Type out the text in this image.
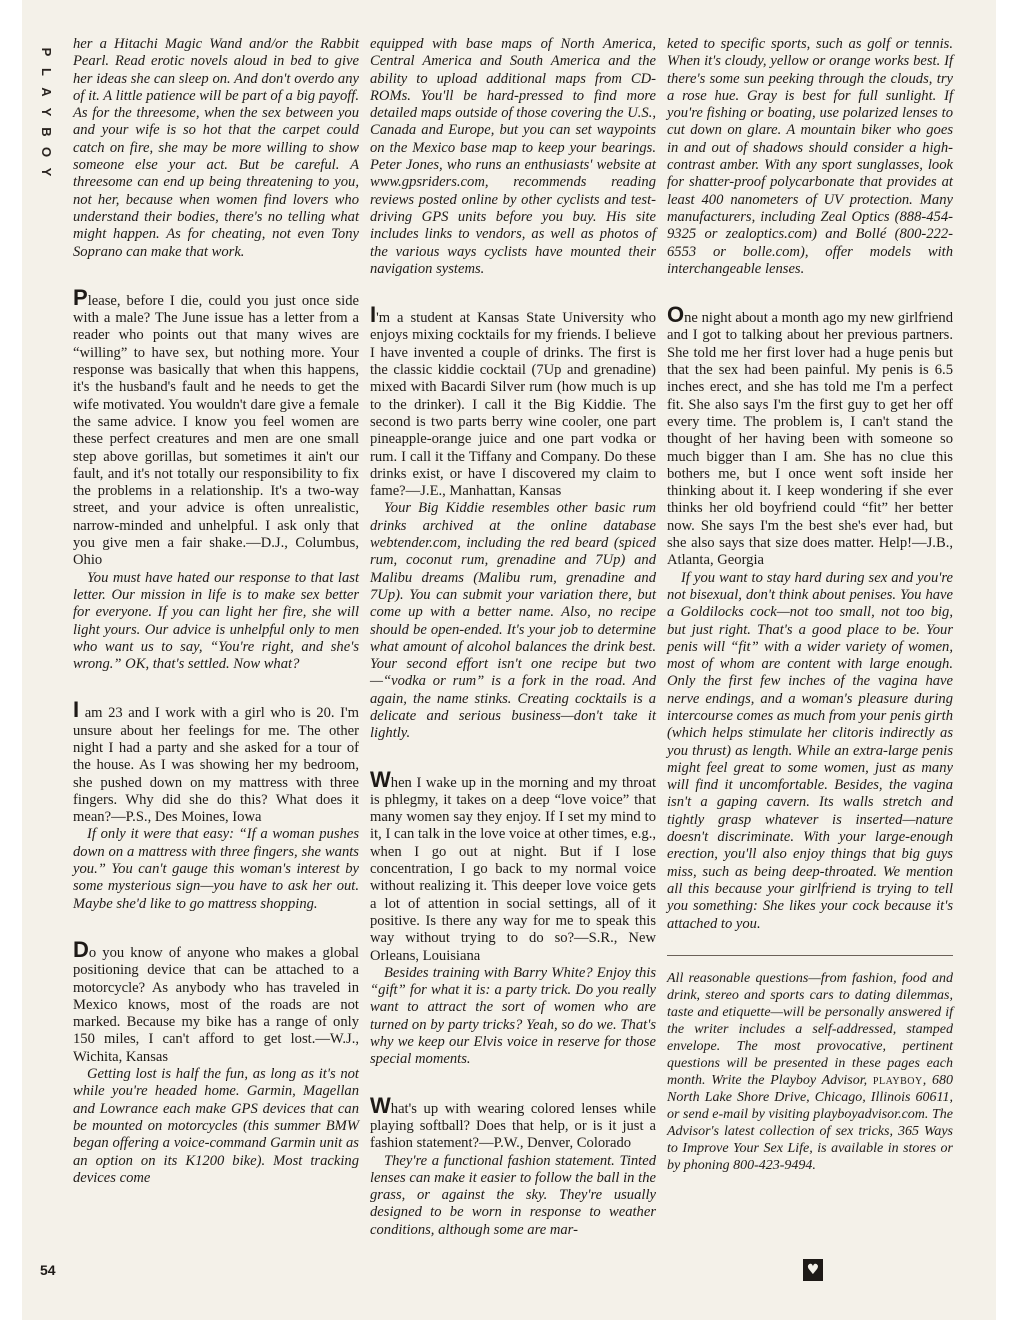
P
L
A
Y
B
O
Y

her a Hitachi Magic Wand and/or the Rabbit Pearl. Read erotic novels aloud in bed to give her ideas she can sleep on. And don't overdo any of it. A little patience will be part of a big payoff. As for the threesome, when the sex between you and your wife is so hot that the carpet could catch on fire, she may be more willing to show someone else your act. But be careful. A threesome can end up being threatening to you, not her, because when women find lovers who understand their bodies, there's no telling what might happen. As for cheating, not even Tony Soprano can make that work.

Please, before I die, could you just once side with a male? The June issue has a letter from a reader who points out that many wives are “willing” to have sex, but nothing more. Your response was basically that when this happens, it's the husband's fault and he needs to get the wife motivated. You wouldn't dare give a female the same advice. I know you feel women are these perfect creatures and men are one small step above gorillas, but sometimes it ain't our fault, and it's not totally our responsibility to fix the problems in a relationship. It's a two-way street, and your advice is often unrealistic, narrow-minded and unhelpful. I ask only that you give men a fair shake.—D.J., Columbus, Ohio

You must have hated our response to that last letter. Our mission in life is to make sex better for everyone. If you can light her fire, she will light yours. Our advice is unhelpful only to men who want us to say, “You're right, and she's wrong.” OK, that's settled. Now what?

I am 23 and I work with a girl who is 20. I'm unsure about her feelings for me. The other night I had a party and she asked for a tour of the house. As I was showing her my bedroom, she pushed down on my mattress with three fingers. Why did she do this? What does it mean?—P.S., Des Moines, Iowa

If only it were that easy: “If a woman pushes down on a mattress with three fingers, she wants you.” You can't gauge this woman's interest by some mysterious sign—you have to ask her out. Maybe she'd like to go mattress shopping.

Do you know of anyone who makes a global positioning device that can be attached to a motorcycle? As anybody who has traveled in Mexico knows, most of the roads are not marked. Because my bike has a range of only 150 miles, I can't afford to get lost.—W.J., Wichita, Kansas

Getting lost is half the fun, as long as it's not while you're headed home. Garmin, Magellan and Lowrance each make GPS devices that can be mounted on motorcycles (this summer BMW began offering a voice-command Garmin unit as an option on its K1200 bike). Most tracking devices come

equipped with base maps of North America, Central America and South America and the ability to upload additional maps from CD-ROMs. You'll be hard-pressed to find more detailed maps outside of those covering the U.S., Canada and Europe, but you can set waypoints on the Mexico base map to keep your bearings. Peter Jones, who runs an enthusiasts' website at www.gpsriders.com, recommends reading reviews posted online by other cyclists and test-driving GPS units before you buy. His site includes links to vendors, as well as photos of the various ways cyclists have mounted their navigation systems.

I'm a student at Kansas State University who enjoys mixing cocktails for my friends. I believe I have invented a couple of drinks. The first is the classic kiddie cocktail (7Up and grenadine) mixed with Bacardi Silver rum (how much is up to the drinker). I call it the Big Kiddie. The second is two parts berry wine cooler, one part pineapple-orange juice and one part vodka or rum. I call it the Tiffany and Company. Do these drinks exist, or have I discovered my claim to fame?—J.E., Manhattan, Kansas

Your Big Kiddie resembles other basic rum drinks archived at the online database webtender.com, including the red beard (spiced rum, coconut rum, grenadine and 7Up) and Malibu dreams (Malibu rum, grenadine and 7Up). You can submit your variation there, but come up with a better name. Also, no recipe should be open-ended. It's your job to determine what amount of alcohol balances the drink best. Your second effort isn't one recipe but two—“vodka or rum” is a fork in the road. And again, the name stinks. Creating cocktails is a delicate and serious business—don't take it lightly.

When I wake up in the morning and my throat is phlegmy, it takes on a deep “love voice” that many women say they enjoy. If I set my mind to it, I can talk in the love voice at other times, e.g., when I go out at night. But if I lose concentration, I go back to my normal voice without realizing it. This deeper love voice gets a lot of attention in social settings, all of it positive. Is there any way for me to speak this way without trying to do so?—S.R., New Orleans, Louisiana

Besides training with Barry White? Enjoy this “gift” for what it is: a party trick. Do you really want to attract the sort of women who are turned on by party tricks? Yeah, so do we. That's why we keep our Elvis voice in reserve for those special moments.

What's up with wearing colored lenses while playing softball? Does that help, or is it just a fashion statement?—P.W., Denver, Colorado

They're a functional fashion statement. Tinted lenses can make it easier to follow the ball in the grass, or against the sky. They're usually designed to be worn in response to weather conditions, although some are mar-

keted to specific sports, such as golf or tennis. When it's cloudy, yellow or orange works best. If there's some sun peeking through the clouds, try a rose hue. Gray is best for full sunlight. If you're fishing or boating, use polarized lenses to cut down on glare. A mountain biker who goes in and out of shadows should consider a high-contrast amber. With any sport sunglasses, look for shatter-proof polycarbonate that provides at least 400 nanometers of UV protection. Many manufacturers, including Zeal Optics (888-454-9325 or zealoptics.com) and Bollé (800-222-6553 or bolle.com), offer models with interchangeable lenses.

One night about a month ago my new girlfriend and I got to talking about her previous partners. She told me her first lover had a huge penis but that the sex had been painful. My penis is 6.5 inches erect, and she has told me I'm a perfect fit. She also says I'm the first guy to get her off every time. The problem is, I can't stand the thought of her having been with someone so much bigger than I am. She has no clue this bothers me, but I once went soft inside her thinking about it. I keep wondering if she ever thinks her old boyfriend could “fit” her better now. She says I'm the best she's ever had, but she also says that size does matter. Help!—J.B., Atlanta, Georgia

If you want to stay hard during sex and you're not bisexual, don't think about penises. You have a Goldilocks cock—not too small, not too big, but just right. That's a good place to be. Your penis will “fit” with a wider variety of women, most of whom are content with large enough. Only the first few inches of the vagina have nerve endings, and a woman's pleasure during intercourse comes as much from your penis girth (which helps stimulate her clitoris indirectly as you thrust) as length. While an extra-large penis might feel great to some women, just as many will find it uncomfortable. Besides, the vagina isn't a gaping cavern. Its walls stretch and tightly grasp whatever is inserted—nature doesn't discriminate. With your large-enough erection, you'll also enjoy things that big guys miss, such as being deep-throated. We mention all this because your girlfriend is trying to tell you something: She likes your cock because it's attached to you.

All reasonable questions—from fashion, food and drink, stereo and sports cars to dating dilemmas, taste and etiquette—will be personally answered if the writer includes a self-addressed, stamped envelope. The most provocative, pertinent questions will be presented in these pages each month. Write the Playboy Advisor, playboy, 680 North Lake Shore Drive, Chicago, Illinois 60611, or send e-mail by visiting playboyadvisor.com. The Advisor's latest collection of sex tricks, 365 Ways to Improve Your Sex Life, is available in stores or by phoning 800-423-9494.

54	♥
